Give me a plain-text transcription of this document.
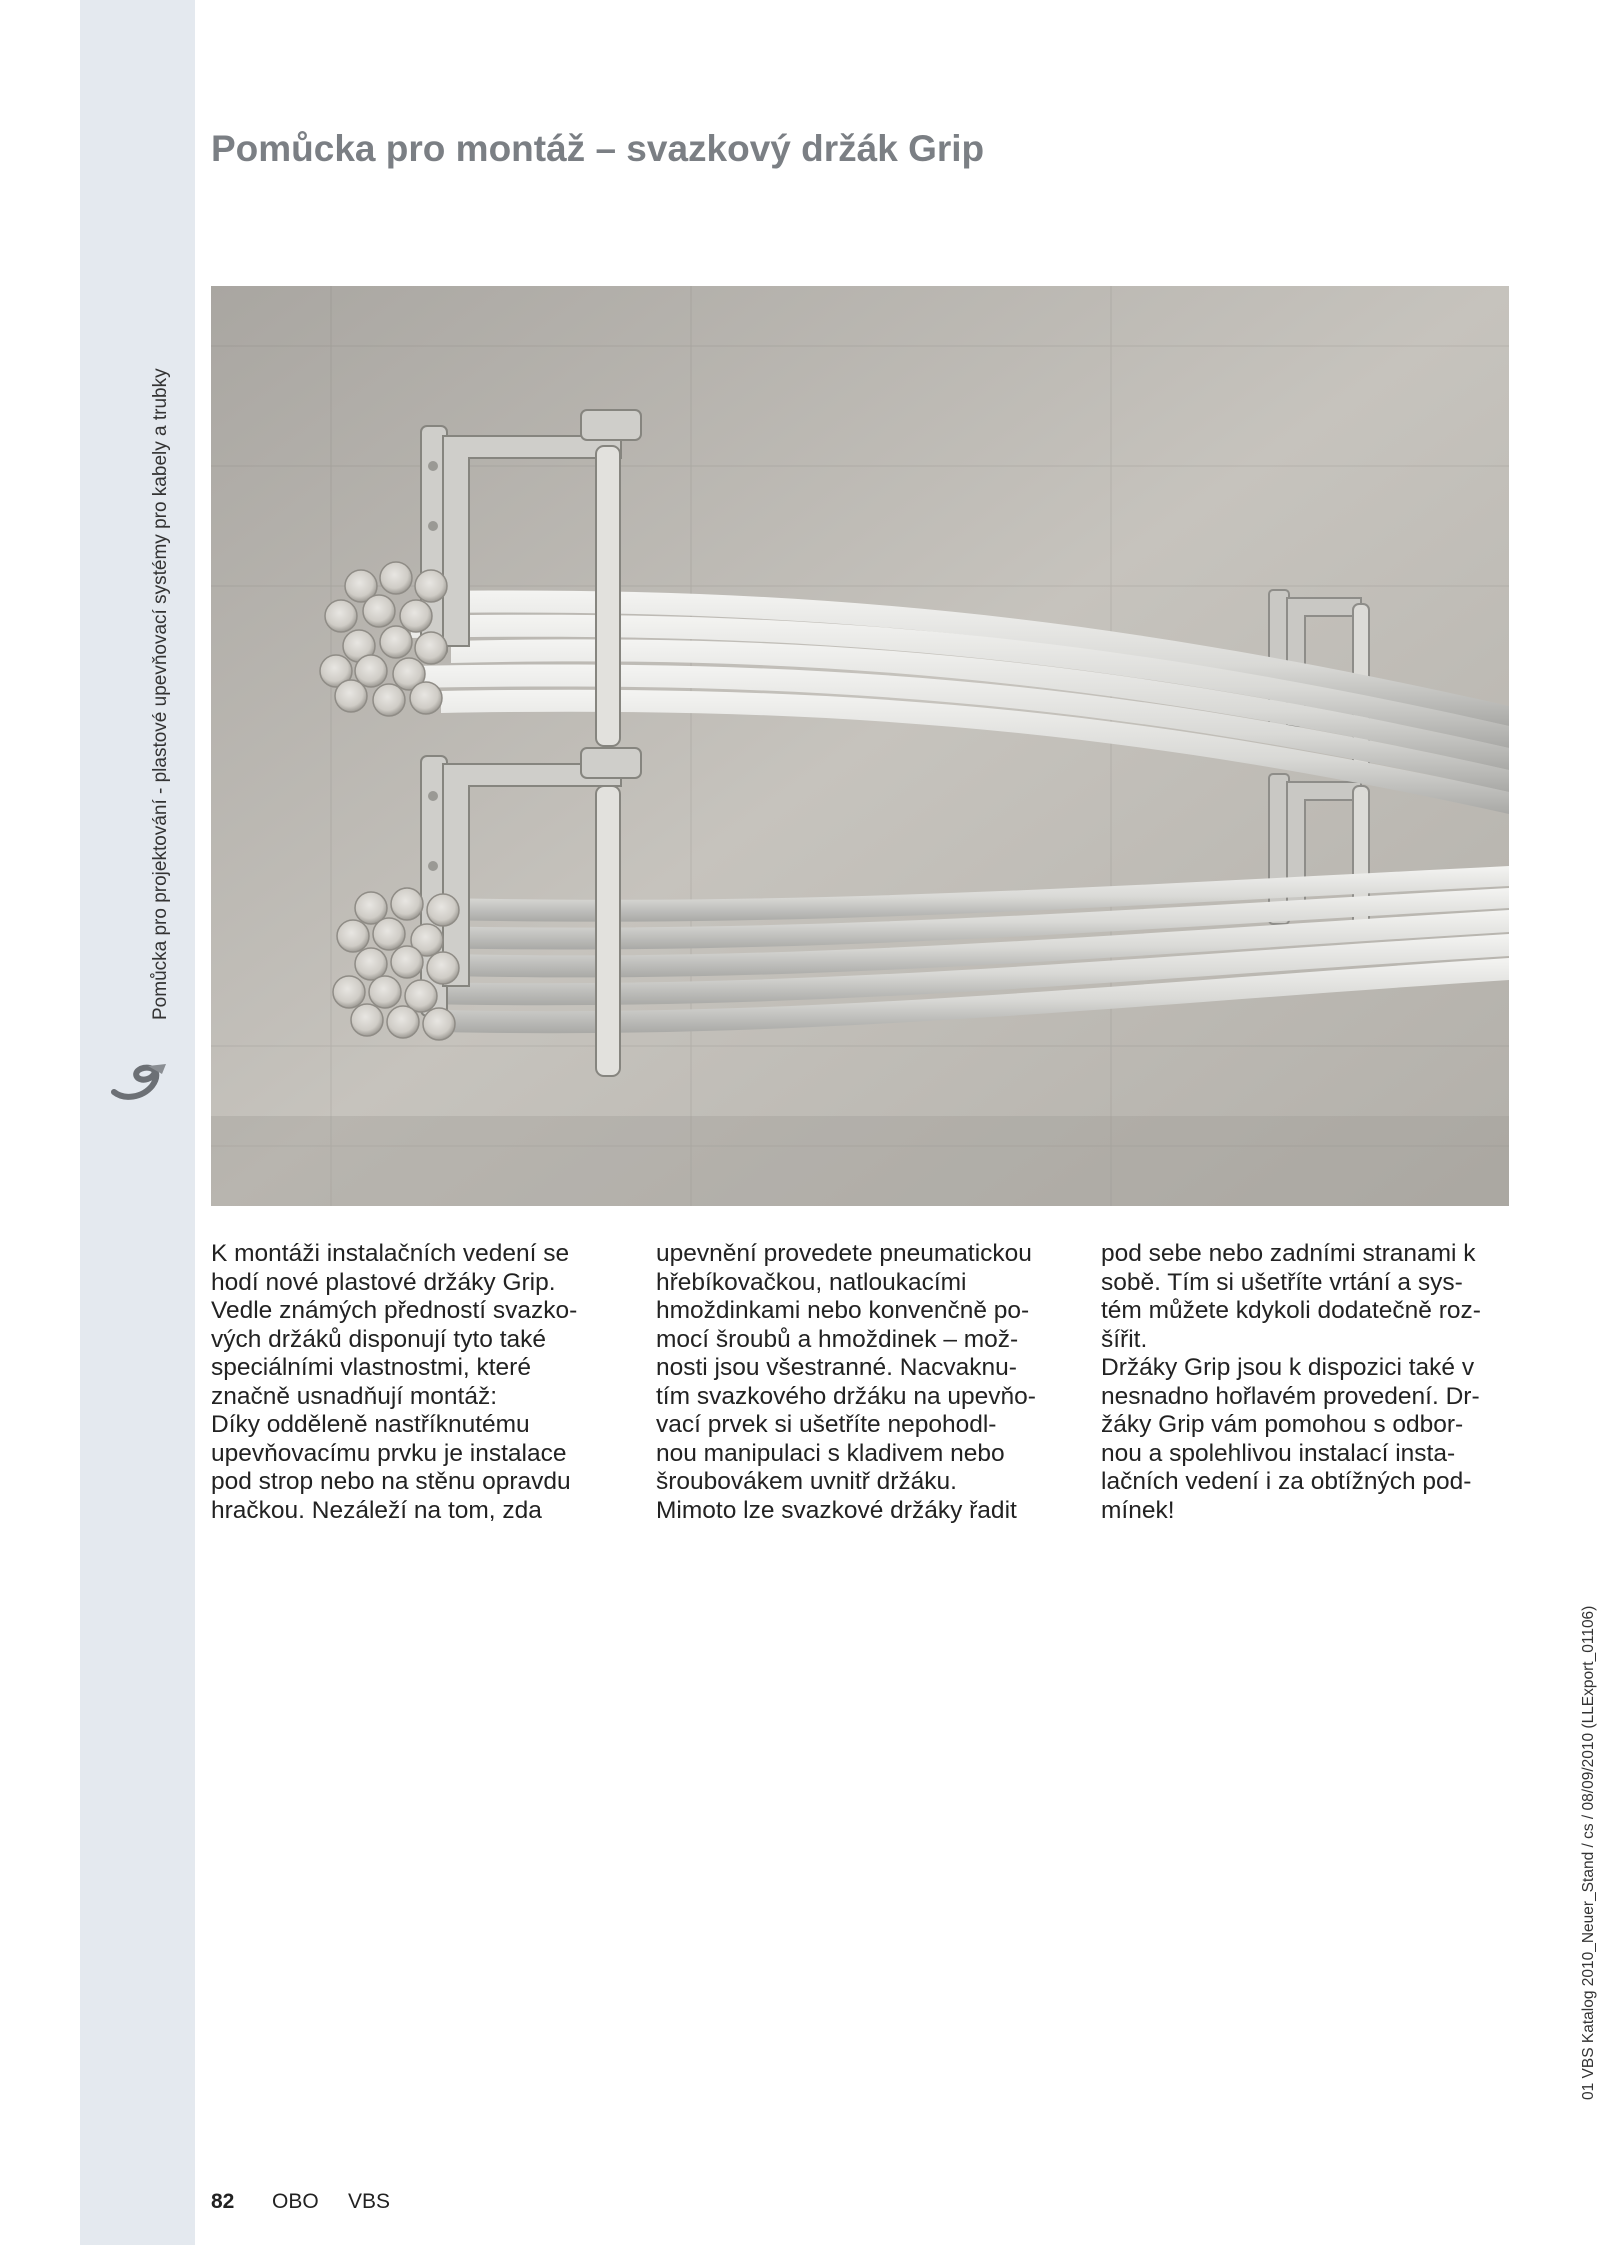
Pomůcka pro projektování - plastové upevňovací systémy pro kabely a trubky
Pomůcka pro montáž – svazkový držák Grip

K montáži instalačních vedení se

hodí nové plastové držáky Grip.

Vedle známých předností svazko-

vých držáků disponují tyto také

speciálními vlastnostmi, které

značně usnadňují montáž:

Díky odděleně nastříknutému

upevňovacímu prvku je instalace

pod strop nebo na stěnu opravdu

hračkou. Nezáleží na tom, zda

upevnění provedete pneumatickou

hřebíkovačkou, natloukacími

hmoždinkami nebo konvenčně po-

mocí šroubů a hmoždinek – mož-

nosti jsou všestranné. Nacvaknu-

tím svazkového držáku na upevňo-

vací prvek si ušetříte nepohodl-

nou manipulaci s kladivem nebo

šroubovákem uvnitř držáku.

Mimoto lze svazkové držáky řadit

pod sebe nebo zadními stranami k

sobě. Tím si ušetříte vrtání a sys-

tém můžete kdykoli dodatečně roz-

šířit.

Držáky Grip jsou k dispozici také v

nesnadno hořlavém provedení. Dr-

žáky Grip vám pomohou s odbor-

nou a spolehlivou instalací insta-

lačních vedení i za obtížných pod-

mínek!

01 VBS Katalog 2010_Neuer_Stand / cs / 08/09/2010 (LLExport_01106)
82 OBO VBS
